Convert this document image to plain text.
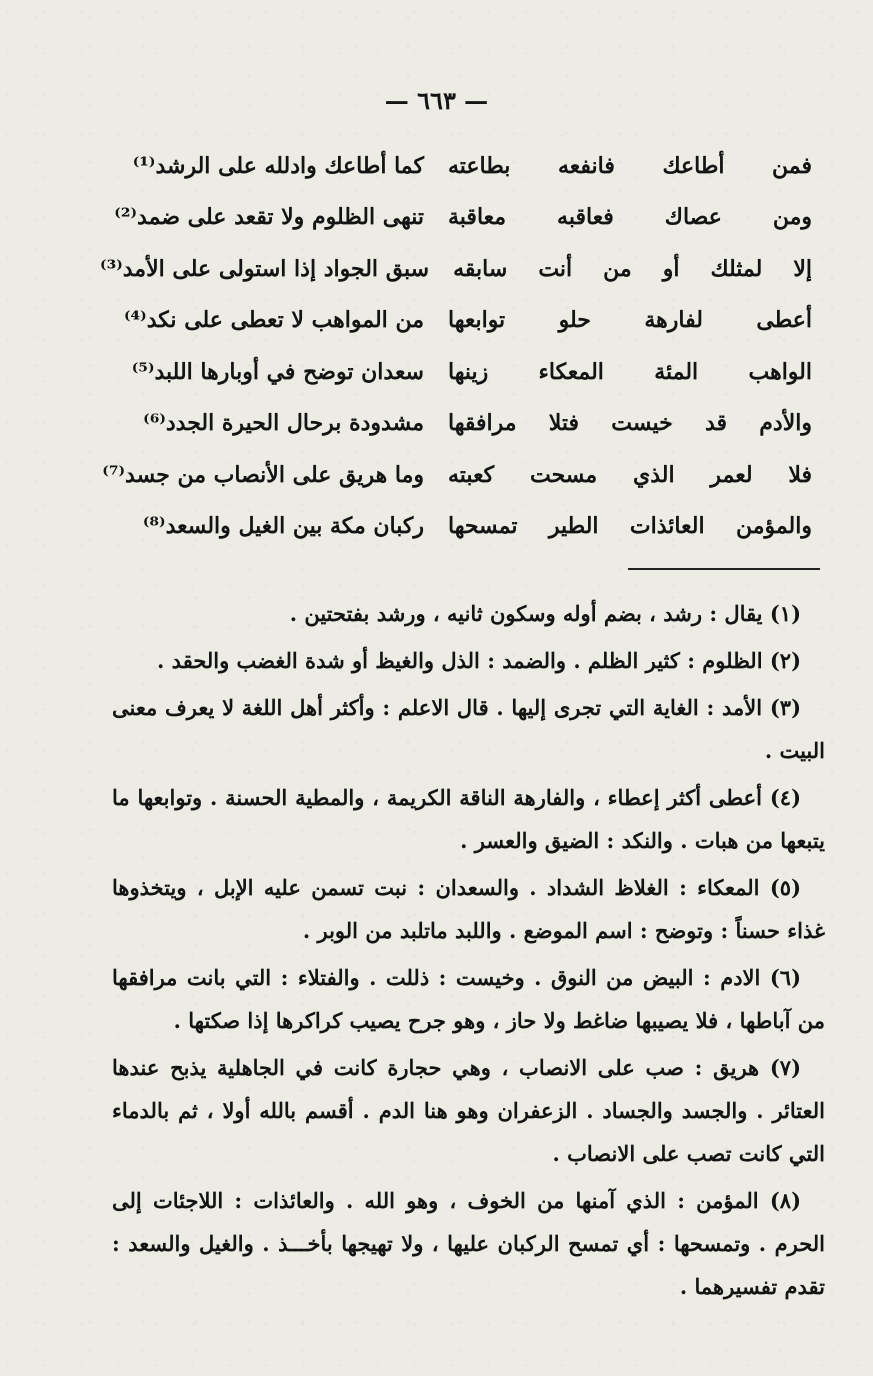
— ٦٦٣ —
فمن أطاعك فانفعه بطاعته
كما أطاعك وادلله على الرشد⁽¹⁾
ومن عصاك فعاقبه معاقبة
تنهى الظلوم ولا تقعد على ضمد⁽²⁾
إلا لمثلك أو من أنت سابقه
سبق الجواد إذا استولى على الأمد⁽³⁾
أعطى لفارهة حلو توابعها
من المواهب لا تعطى على نكد⁽⁴⁾
الواهب المئة المعكاء زينها
سعدان توضح في أوبارها اللبد⁽⁵⁾
والأدم قد خيست فتلا مرافقها
مشدودة برحال الحيرة الجدد⁽⁶⁾
فلا لعمر الذي مسحت كعبته
وما هريق على الأنصاب من جسد⁽⁷⁾
والمؤمن العائذات الطير تمسحها
ركبان مكة بين الغيل والسعد⁽⁸⁾

(١) يقال : رشد ، بضم أوله وسكون ثانيه ، ورشد بفتحتين .

(٢) الظلوم : كثير الظلم . والضمد : الذل والغيظ أو شدة الغضب والحقد .

(٣) الأمد : الغاية التي تجرى إليها . قال الاعلم : وأكثر أهل اللغة لا يعرف معنى البيت .

(٤) أعطى أكثر إعطاء ، والفارهة الناقة الكريمة ، والمطية الحسنة . وتوابعها ما يتبعها من هبات . والنكد : الضيق والعسر .

(٥) المعكاء : الغلاظ الشداد . والسعدان : نبت تسمن عليه الإبل ، ويتخذوها غذاء حسناً : وتوضح : اسم الموضع . واللبد ماتلبد من الوبر .

(٦) الادم : البيض من النوق . وخيست : ذللت . والفتلاء : التي بانت مرافقها من آباطها ، فلا يصيبها ضاغط ولا حاز ، وهو جرح يصيب كراكرها إذا صكتها .

(٧) هريق : صب على الانصاب ، وهي حجارة كانت في الجاهلية يذبح عندها العتائر . والجسد والجساد . الزعفران وهو هنا الدم . أقسم بالله أولا ، ثم بالدماء التي كانت تصب على الانصاب .

(٨) المؤمن : الذي آمنها من الخوف ، وهو الله . والعائذات : اللاجئات إلى الحرم . وتمسحها : أي تمسح الركبان عليها ، ولا تهيجها بأخـــذ . والغيل والسعد : تقدم تفسيرهما .
